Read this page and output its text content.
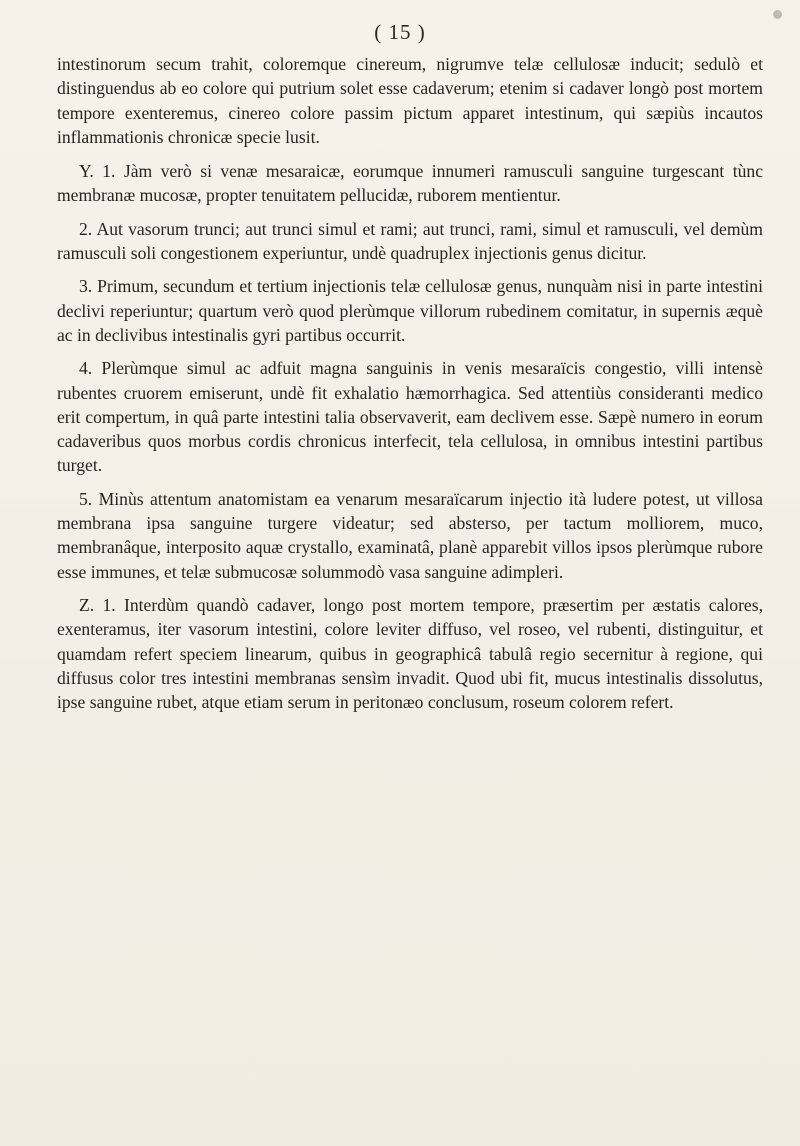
( 15 )

intestinorum secum trahit, coloremque cinereum, nigrumve telæ cellulosæ inducit; sedulò et distinguendus ab eo colore qui putrium solet esse cadaverum; etenim si cadaver longò post mortem tempore exenteremus, cinereo colore passim pictum apparet intestinum, qui sæpiùs incautos inflammationis chronicæ specie lusit.

Y. 1. Jàm verò si venæ mesaraicæ, eorumque innumeri ramusculi sanguine turgescant tùnc membranæ mucosæ, propter tenuitatem pellucidæ, ruborem mentientur.

2. Aut vasorum trunci; aut trunci simul et rami; aut trunci, rami, simul et ramusculi, vel demùm ramusculi soli congestionem experiuntur, undè quadruplex injectionis genus dicitur.

3. Primum, secundum et tertium injectionis telæ cellulosæ genus, nunquàm nisi in parte intestini declivi reperiuntur; quartum verò quod plerùmque villorum rubedinem comitatur, in supernis æquè ac in declivibus intestinalis gyri partibus occurrit.

4. Plerùmque simul ac adfuit magna sanguinis in venis mesaraïcis congestio, villi intensè rubentes cruorem emiserunt, undè fit exhalatio hæmorrhagica. Sed attentiùs consideranti medico erit compertum, in quâ parte intestini talia observaverit, eam declivem esse. Sæpè numero in eorum cadaveribus quos morbus cordis chronicus interfecit, tela cellulosa, in omnibus intestini partibus turget.

5. Minùs attentum anatomistam ea venarum mesaraïcarum injectio ità ludere potest, ut villosa membrana ipsa sanguine turgere videatur; sed absterso, per tactum molliorem, muco, membranâque, interposito aquæ crystallo, examinatâ, planè apparebit villos ipsos plerùmque rubore esse immunes, et telæ submucosæ solummodò vasa sanguine adimpleri.

Z. 1. Interdùm quandò cadaver, longo post mortem tempore, præsertim per æstatis calores, exenteramus, iter vasorum intestini, colore leviter diffuso, vel roseo, vel rubenti, distinguitur, et quamdam refert speciem linearum, quibus in geographicâ tabulâ regio secernitur à regione, qui diffusus color tres intestini membranas sensìm invadit. Quod ubi fit, mucus intestinalis dissolutus, ipse sanguine rubet, atque etiam serum in peritonæo conclusum, roseum colorem refert.
